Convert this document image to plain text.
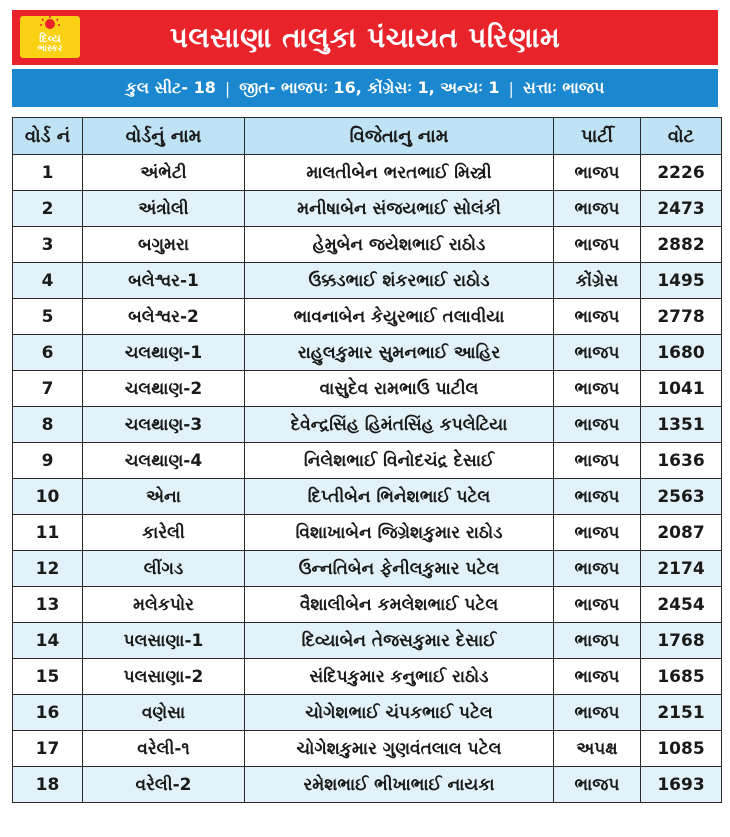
દિવ્ય
ભાસ્કર	પલસાણા તાલુકા પંચાયત પરિણામ
કુલ સીટ- 18 | જીત- ભાજપઃ 16, કોંગ્રેસઃ 1, અન્યઃ 1 | સત્તાઃ ભાજપ
વોર્ડ નં	વોર્ડનું નામ	વિજેતાનુ નામ	પાર્ટી	વોટ
1	અંભેટી	માલતીબેન ભરતભાઈ મિસ્ત્રી	ભાજપ	2226
2	અંત્રોલી	મનીષાબેન સંજયભાઈ સોલંકી	ભાજપ	2473
3	બગુમરા	હેમુબેન જયેશભાઈ રાઠોડ	ભાજપ	2882
4	બલેશ્વર-1	ઉક્કડભાઈ શંકરભાઈ રાઠોડ	કોંગ્રેસ	1495
5	બલેશ્વર-2	ભાવનાબેન કેયુરભાઈ તલાવીયા	ભાજપ	2778
6	ચલથાણ-1	રાહુલકુમાર સુમનભાઈ આહિર	ભાજપ	1680
7	ચલથાણ-2	વાસુદેવ રામભાઉ પાટીલ	ભાજપ	1041
8	ચલથાણ-3	દેવેન્દ્રસિંહ હિમંતસિંહ કપલેટિયા	ભાજપ	1351
9	ચલથાણ-4	નિલેશભાઈ વિનોદચંદ્ર દેસાઈ	ભાજપ	1636
10	એના	દિપ્તીબેન ભિનેશભાઈ પટેલ	ભાજપ	2563
11	કારેલી	વિશાખાબેન જિગ્રેશકુમાર રાઠોડ	ભાજપ	2087
12	લીંગડ	ઉન્નતિબેન ફેનીલકુમાર પટેલ	ભાજપ	2174
13	મલેકપોર	વૈશાલીબેન કમલેશભાઈ પટેલ	ભાજપ	2454
14	પલસાણા-1	દિવ્યાબેન તેજસકુમાર દેસાઈ	ભાજપ	1768
15	પલસાણા-2	સંદિપકુમાર કનુભાઈ રાઠોડ	ભાજપ	1685
16	વણેસા	ચોગેશભાઈ ચંપકભાઈ પટેલ	ભાજપ	2151
17	વરેલી-૧	ચોગેશકુમાર ગુણવંતલાલ પટેલ	અપક્ષ	1085
18	વરેલી-2	રમેશભાઈ ભીખાભાઈ નાયકા	ભાજપ	1693
